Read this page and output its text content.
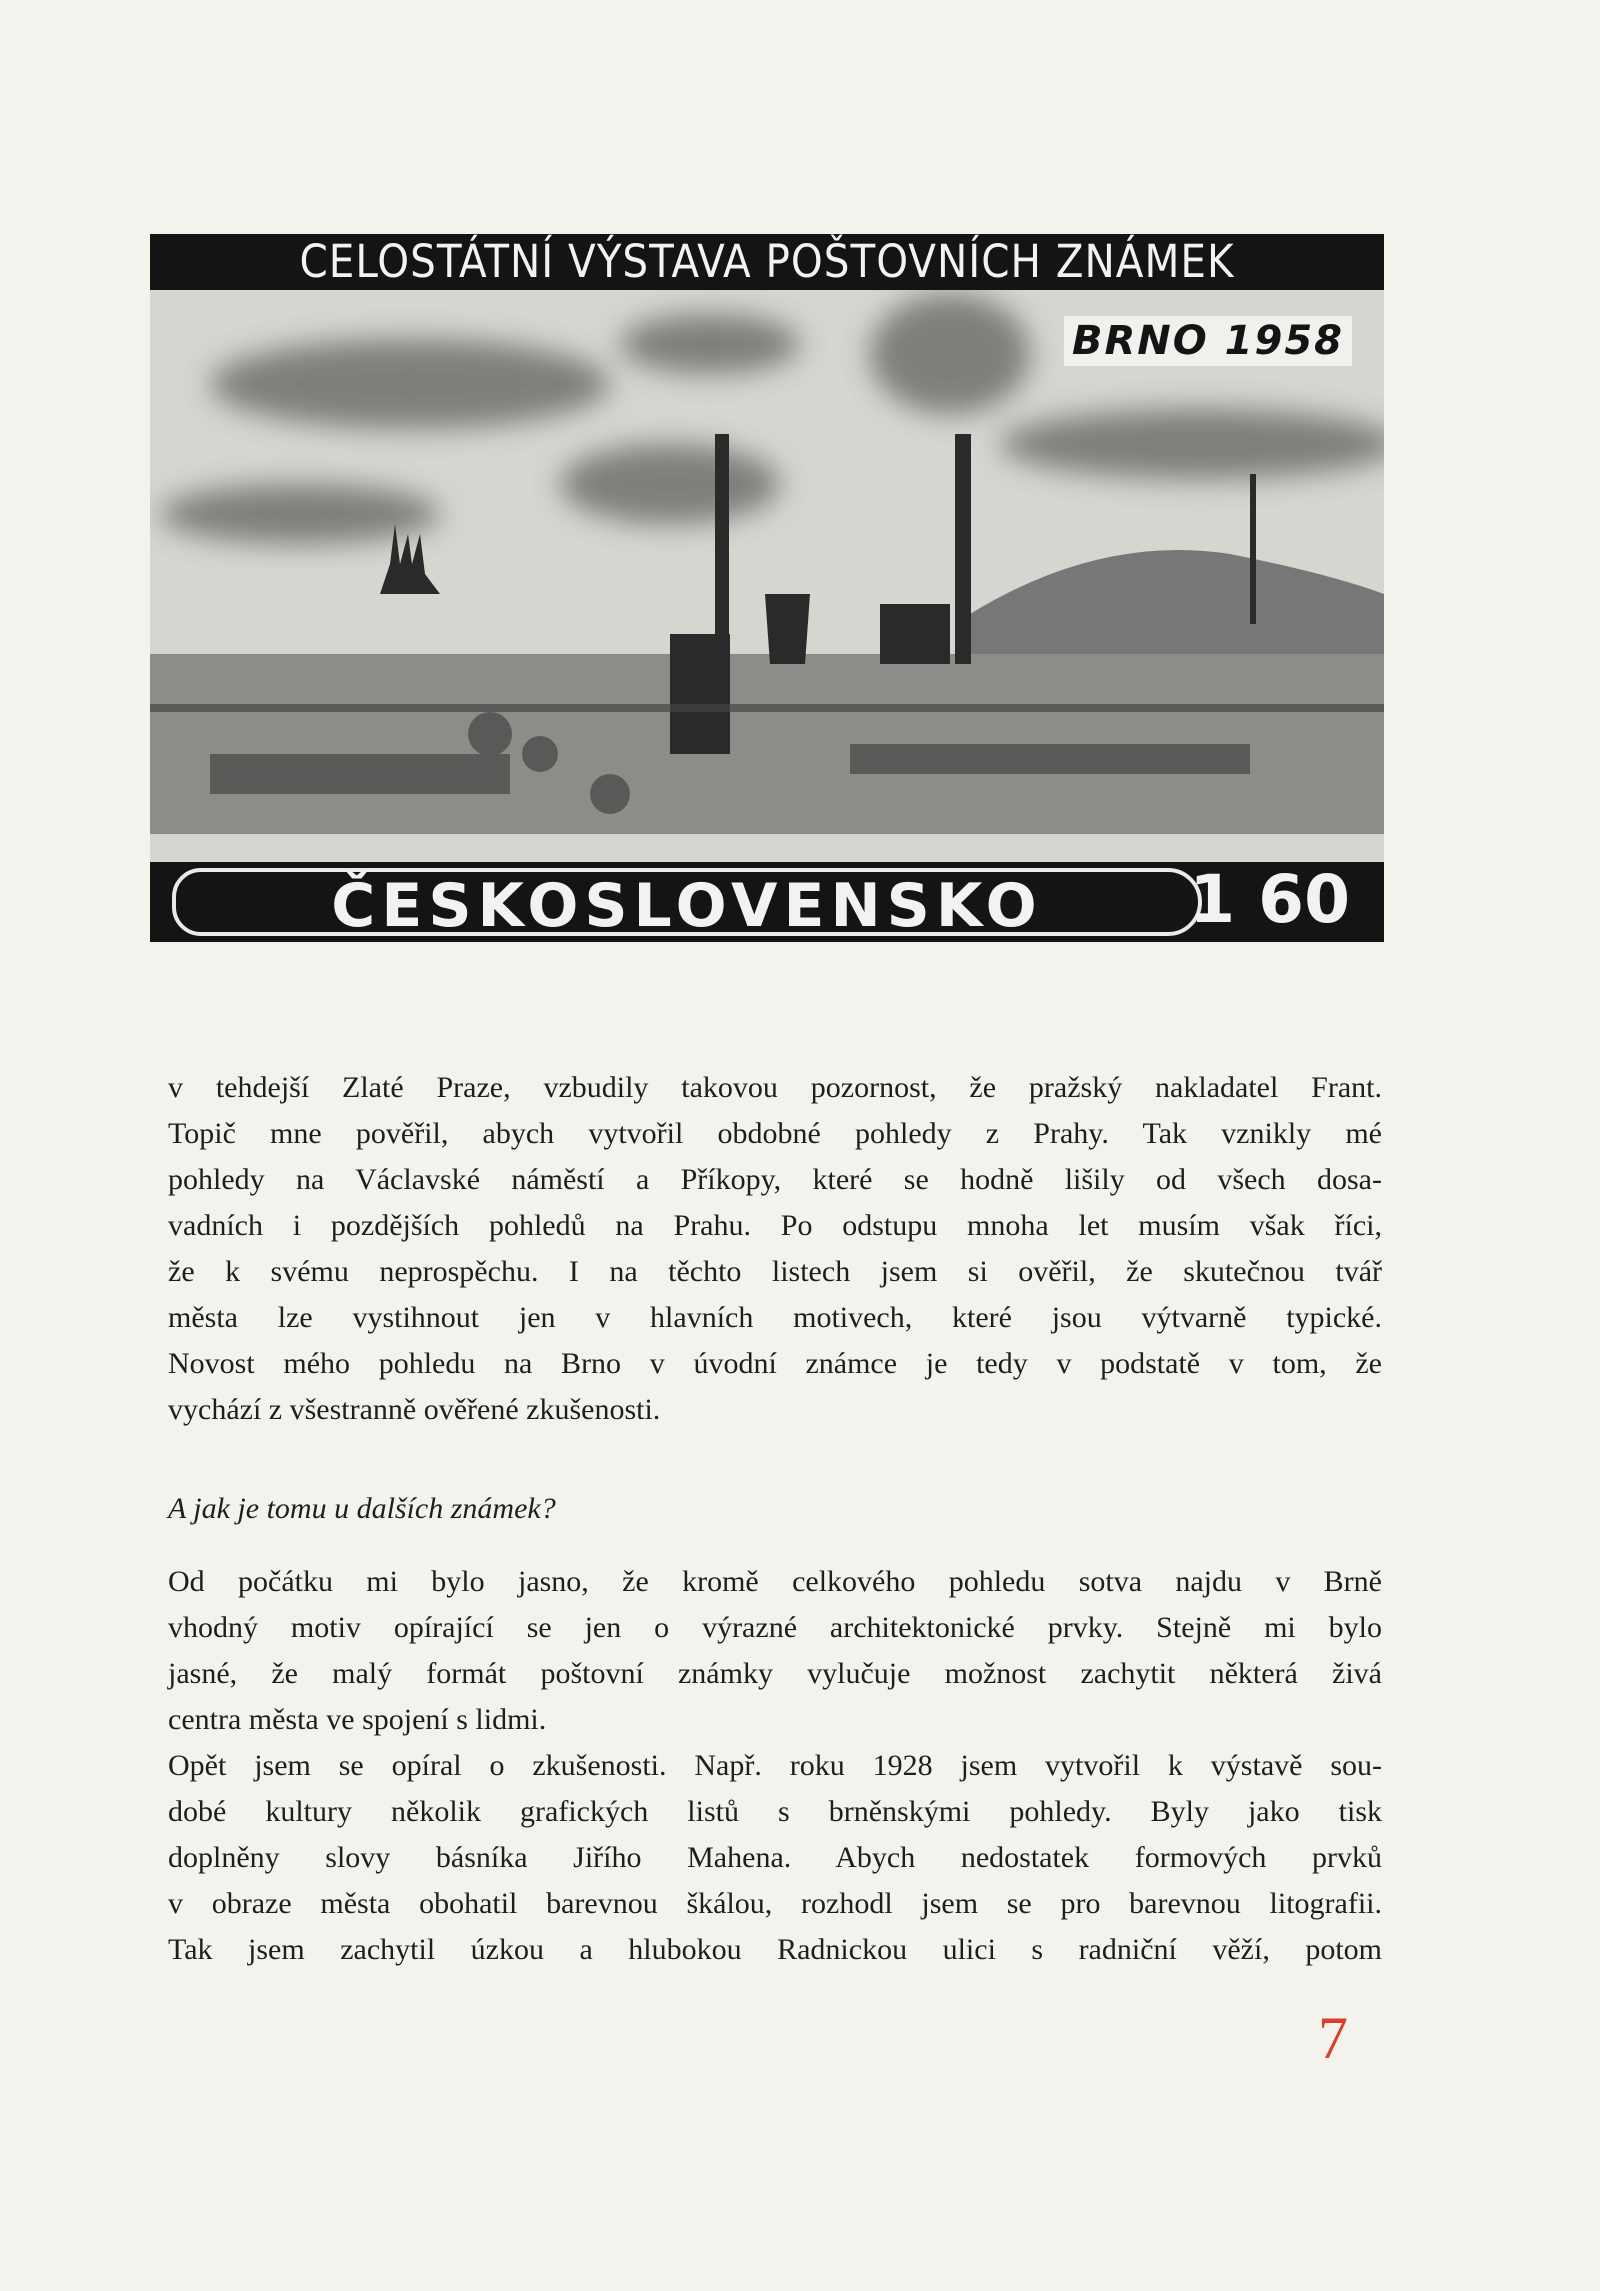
CELOSTÁTNÍ VÝSTAVA POŠTOVNÍCH ZNÁMEK
BRNO 1958
ČESKOSLOVENSKO	1 60
v tehdejší Zlaté Praze, vzbudily takovou pozornost, že pražský nakladatel Frant.
Topič mne pověřil, abych vytvořil obdobné pohledy z Prahy. Tak vznikly mé
pohledy na Václavské náměstí a Příkopy, které se hodně lišily od všech dosa-
vadních i pozdějších pohledů na Prahu. Po odstupu mnoha let musím však říci,
že k svému neprospěchu. I na těchto listech jsem si ověřil, že skutečnou tvář
města lze vystihnout jen v hlavních motivech, které jsou výtvarně typické.
Novost mého pohledu na Brno v úvodní známce je tedy v podstatě v tom, že
vychází z všestranně ověřené zkušenosti.
A jak je tomu u dalších známek?
Od počátku mi bylo jasno, že kromě celkového pohledu sotva najdu v Brně
vhodný motiv opírající se jen o výrazné architektonické prvky. Stejně mi bylo
jasné, že malý formát poštovní známky vylučuje možnost zachytit některá živá
centra města ve spojení s lidmi.
Opět jsem se opíral o zkušenosti. Např. roku 1928 jsem vytvořil k výstavě sou-
dobé kultury několik grafických listů s brněnskými pohledy. Byly jako tisk
doplněny slovy básníka Jiřího Mahena. Abych nedostatek formových prvků
v obraze města obohatil barevnou škálou, rozhodl jsem se pro barevnou litografii.
Tak jsem zachytil úzkou a hlubokou Radnickou ulici s radniční věží, potom
7
